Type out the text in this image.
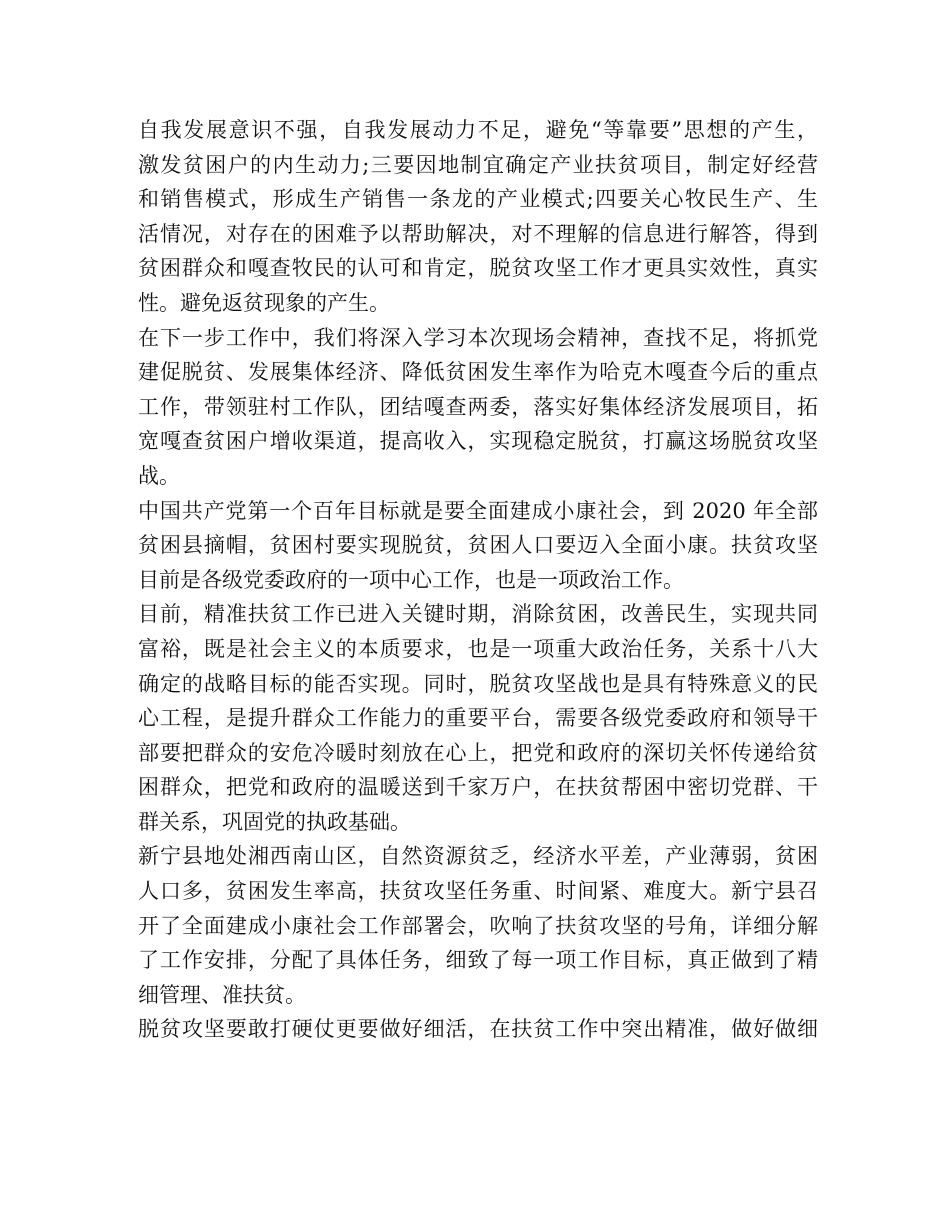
自我发展意识不强，自我发展动力不足，避免“等靠要”思想的产生，
激发贫困户的内生动力;三要因地制宜确定产业扶贫项目，制定好经营
和销售模式，形成生产销售一条龙的产业模式;四要关心牧民生产、生
活情况，对存在的困难予以帮助解决，对不理解的信息进行解答，得到
贫困群众和嘎查牧民的认可和肯定，脱贫攻坚工作才更具实效性，真实
性。避免返贫现象的产生。
在下一步工作中，我们将深入学习本次现场会精神，查找不足，将抓党
建促脱贫、发展集体经济、降低贫困发生率作为哈克木嘎查今后的重点
工作，带领驻村工作队，团结嘎查两委，落实好集体经济发展项目，拓
宽嘎查贫困户增收渠道，提高收入，实现稳定脱贫，打赢这场脱贫攻坚
战。
中国共产党第一个百年目标就是要全面建成小康社会，到 2020 年全部
贫困县摘帽，贫困村要实现脱贫，贫困人口要迈入全面小康。扶贫攻坚
目前是各级党委政府的一项中心工作，也是一项政治工作。
目前，精准扶贫工作已进入关键时期，消除贫困，改善民生，实现共同
富裕，既是社会主义的本质要求，也是一项重大政治任务，关系十八大
确定的战略目标的能否实现。同时，脱贫攻坚战也是具有特殊意义的民
心工程，是提升群众工作能力的重要平台，需要各级党委政府和领导干
部要把群众的安危冷暖时刻放在心上，把党和政府的深切关怀传递给贫
困群众，把党和政府的温暖送到千家万户，在扶贫帮困中密切党群、干
群关系，巩固党的执政基础。
新宁县地处湘西南山区，自然资源贫乏，经济水平差，产业薄弱，贫困
人口多，贫困发生率高，扶贫攻坚任务重、时间紧、难度大。新宁县召
开了全面建成小康社会工作部署会，吹响了扶贫攻坚的号角，详细分解
了工作安排，分配了具体任务，细致了每一项工作目标，真正做到了精
细管理、准扶贫。
脱贫攻坚要敢打硬仗更要做好细活，在扶贫工作中突出精准，做好做细
